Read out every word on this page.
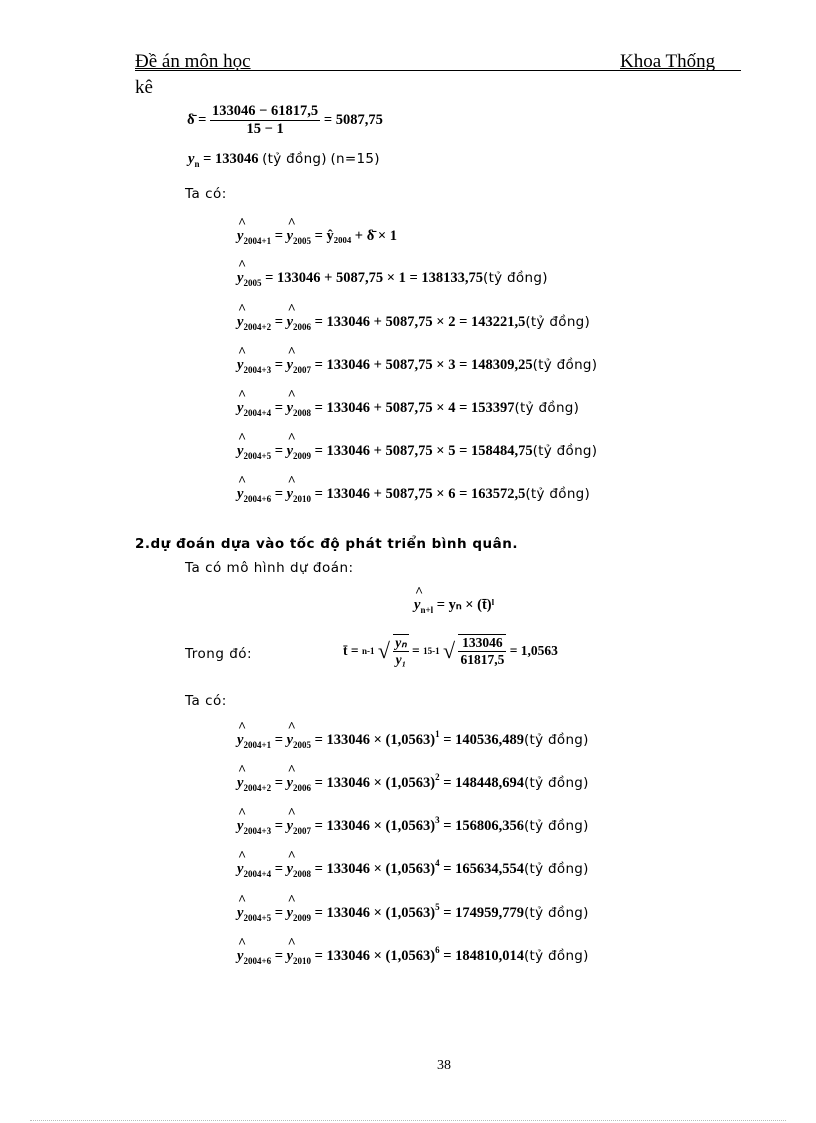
Đề án môn học	Khoa Thống
kê
δ̄ = $\frac{133046 - 61817,5}{15 - 1} = 5087,75$
$y_n = 133046$ (tỷ đồng) (n=15)
Ta có:
^ $y_{2004+1}$ = ^ $y_{2005}$ = ŷ₂₀₀₄ + δ̄ × 1
^ $y_{2005} = 133046 + 5087,75 \times 1$ = 138133,75(tỷ đồng)
^ $y_{2004+2}$ = ^ $y_{2006} = 133046 + 5087,75 \times 2$ = 143221,5(tỷ đồng)
^ $y_{2004+3}$ = ^ $y_{2007} = 133046 + 5087,75 \times 3$ = 148309,25(tỷ đồng)
^ $y_{2004+4}$ = ^ $y_{2008} = 133046 + 5087,75 \times 4$ = 153397(tỷ đồng)
^ $y_{2004+5}$ = ^ $y_{2009} = 133046 + 5087,75 \times 5$ = 158484,75(tỷ đồng)
^ $y_{2004+6}$ = ^ $y_{2010} = 133046 + 5087,75 \times 6$ = 163572,5(tỷ đồng)
2.dự đoán dựa vào tốc độ phát triển bình quân.
Ta có mô hình dự đoán:
^ $y_{n+l} = y_n$ × (t̄)ˡ
Trong đó:	t̄ = n-1 √ $\frac{\text{yₙ}}{\text{y₁}} = 15-1$ √ $\frac{133046}{61817,5} = 1,0563$
Ta có:
^ $y_{2004+1}$ = ^ $y_{2005} = 133046 \times (1,0563)^1$ = 140536,489(tỷ đồng)
^ $y_{2004+2}$ = ^ $y_{2006} = 133046 \times (1,0563)^2$ = 148448,694(tỷ đồng)
^ $y_{2004+3}$ = ^ $y_{2007} = 133046 \times (1,0563)^3$ = 156806,356(tỷ đồng)
^ $y_{2004+4}$ = ^ $y_{2008} = 133046 \times (1,0563)^4$ = 165634,554(tỷ đồng)
^ $y_{2004+5}$ = ^ $y_{2009} = 133046 \times (1,0563)^5$ = 174959,779(tỷ đồng)
^ $y_{2004+6}$ = ^ $y_{2010} = 133046 \times (1,0563)^6$ = 184810,014(tỷ đồng)
38
